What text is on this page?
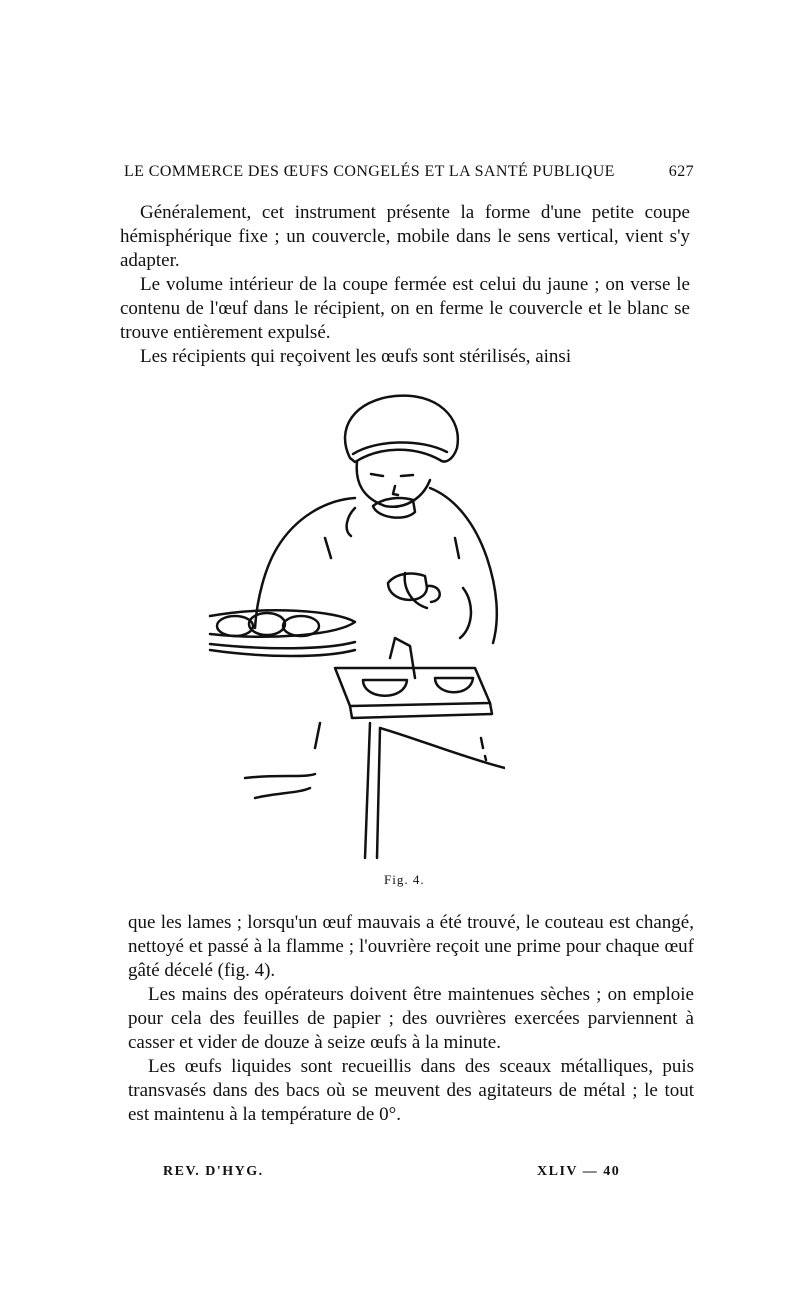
LE COMMERCE DES ŒUFS CONGELÉS ET LA SANTÉ PUBLIQUE	627

Généralement, cet instrument présente la forme d'une petite coupe hémisphérique fixe ; un couvercle, mobile dans le sens vertical, vient s'y adapter.

Le volume intérieur de la coupe fermée est celui du jaune ; on verse le contenu de l'œuf dans le récipient, on en ferme le couvercle et le blanc se trouve entièrement expulsé.

Les récipients qui reçoivent les œufs sont stérilisés, ainsi

Fig. 4.

que les lames ; lorsqu'un œuf mauvais a été trouvé, le couteau est changé, nettoyé et passé à la flamme ; l'ouvrière reçoit une prime pour chaque œuf gâté décelé (fig. 4).

Les mains des opérateurs doivent être maintenues sèches ; on emploie pour cela des feuilles de papier ; des ouvrières exercées parviennent à casser et vider de douze à seize œufs à la minute.

Les œufs liquides sont recueillis dans des sceaux métalliques, puis transvasés dans des bacs où se meuvent des agitateurs de métal ; le tout est maintenu à la température de 0°.

REV. D'HYG.	XLIV — 40
